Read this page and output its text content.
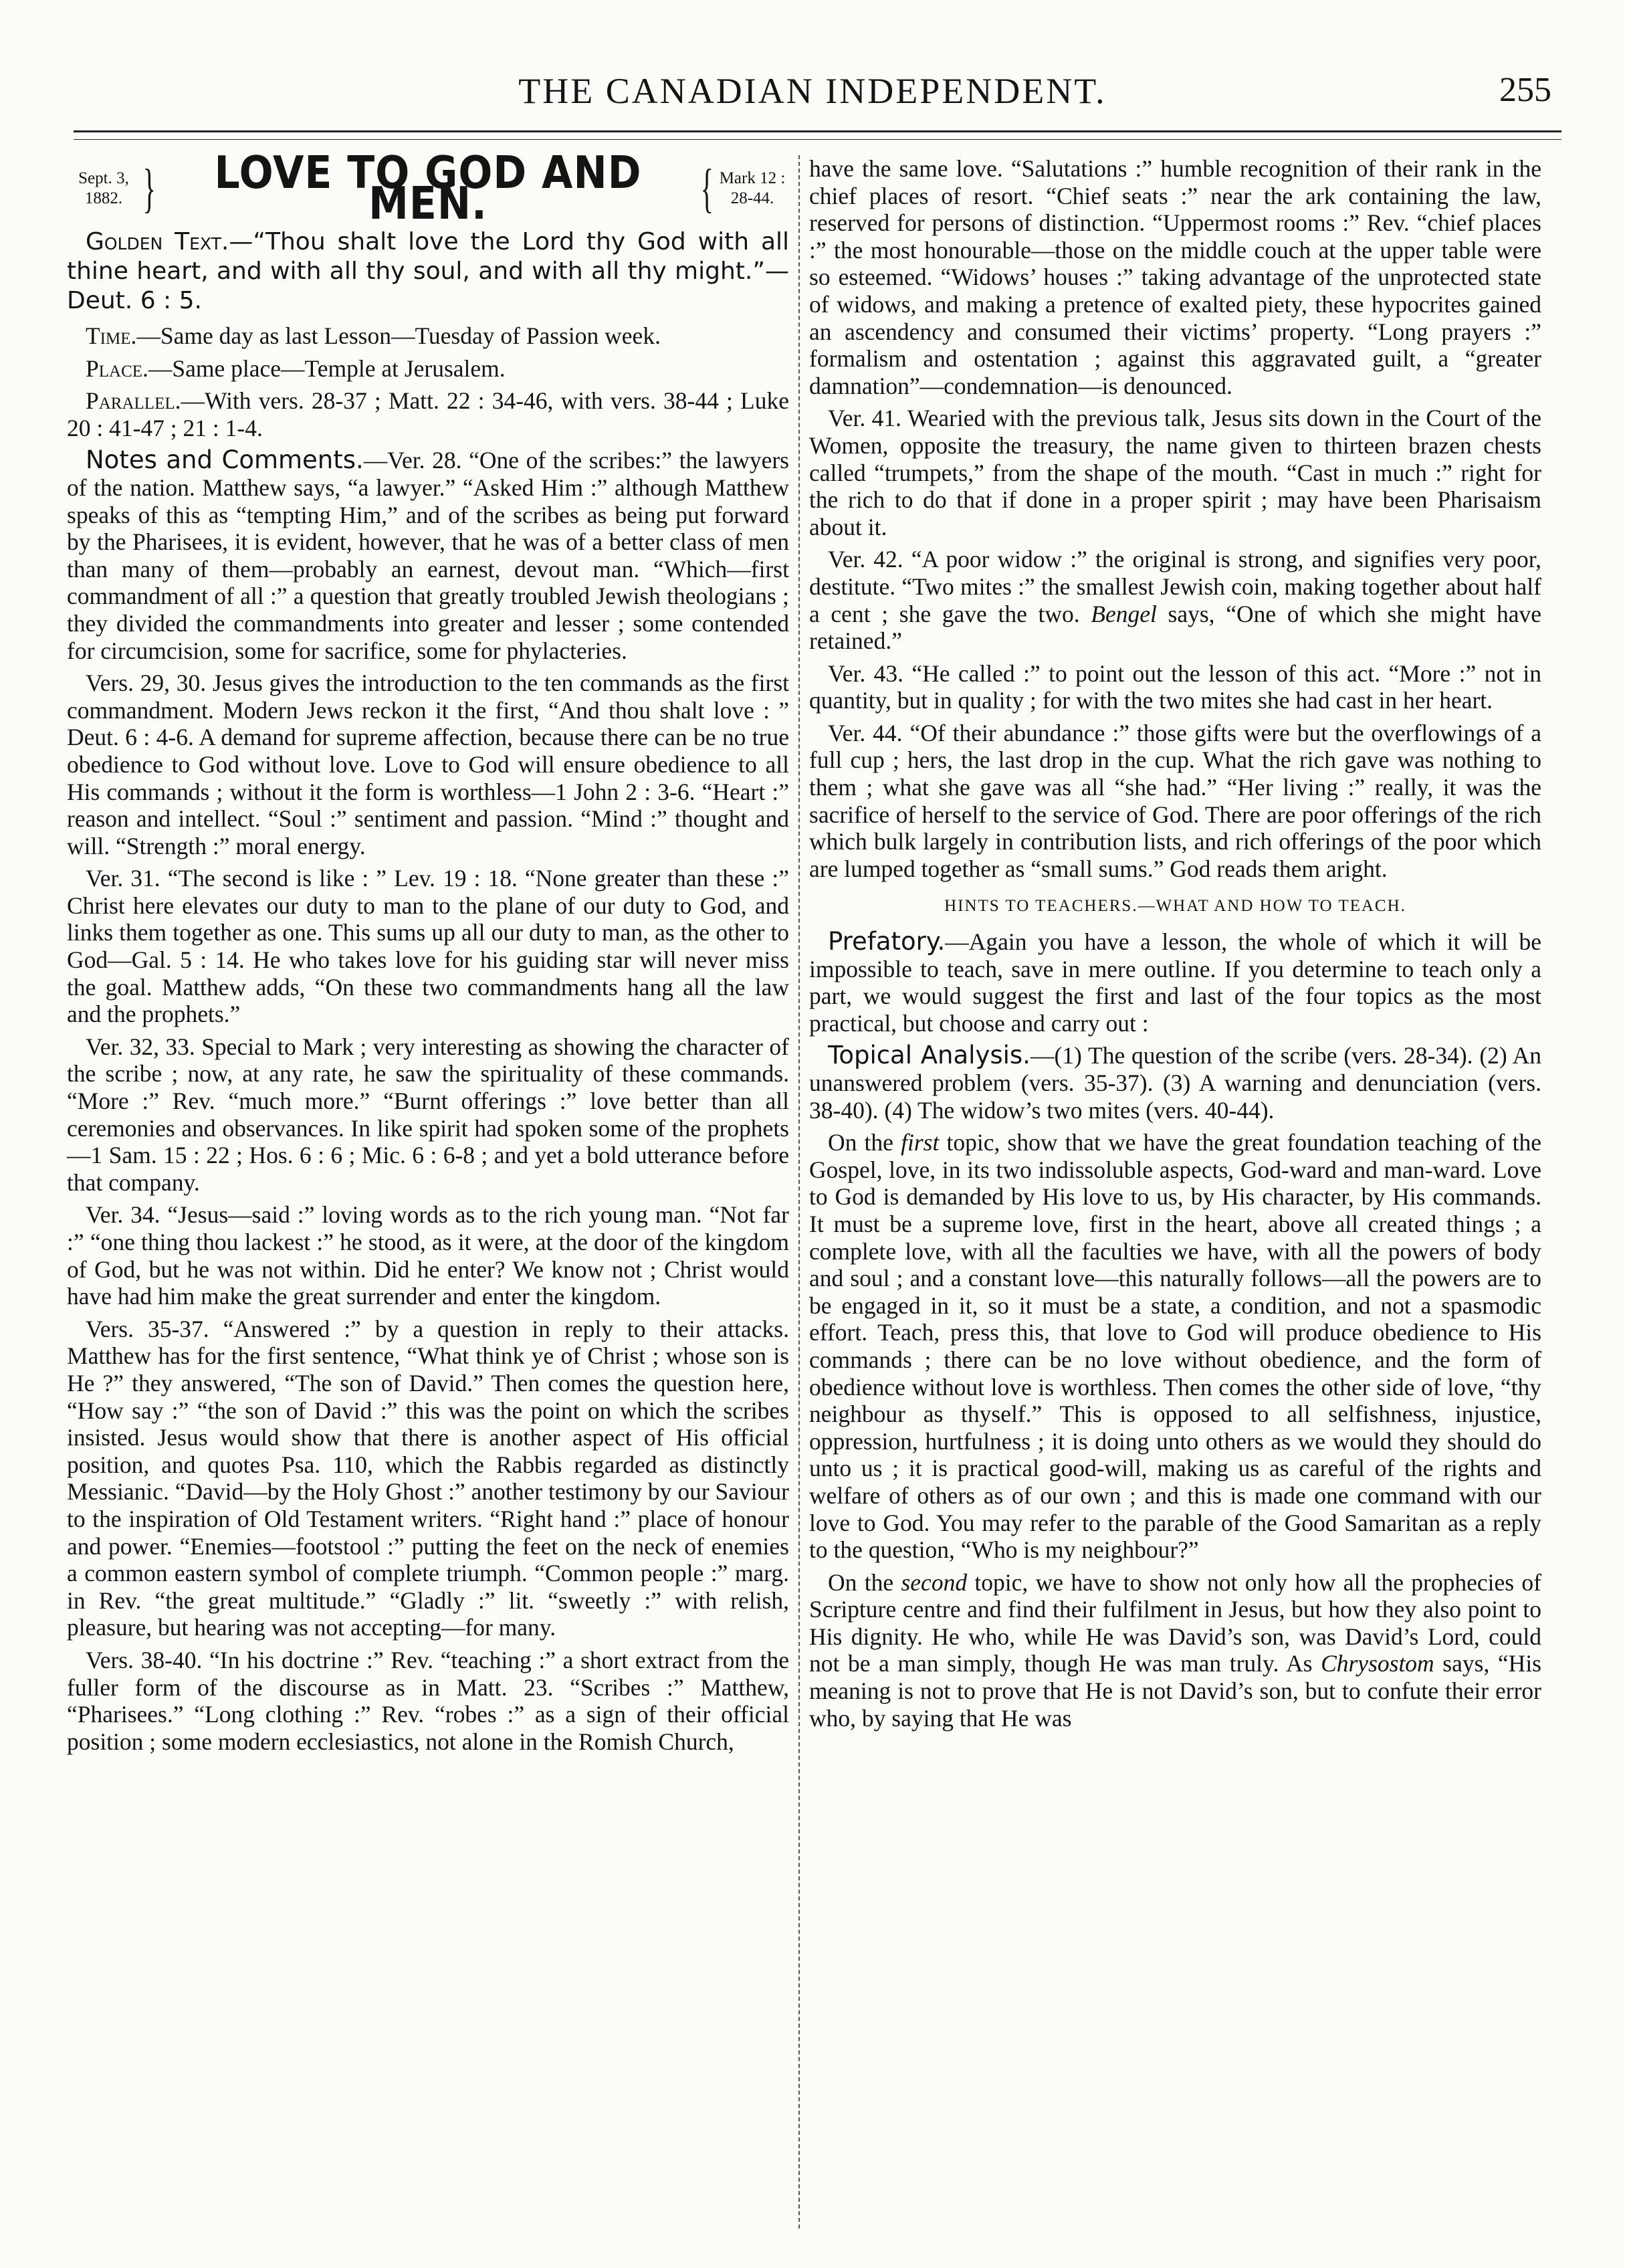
THE CANADIAN INDEPENDENT.	255
Sept. 3,
1882. }	LOVE TO GOD AND MEN.	{ Mark 12 :
28-44.

Golden Text.—“Thou shalt love the Lord thy God with all thine heart, and with all thy soul, and with all thy might.”—Deut. 6 : 5.

Time.—Same day as last Lesson—Tuesday of Passion week.

Place.—Same place—Temple at Jerusalem.

Parallel.—With vers. 28-37 ; Matt. 22 : 34-46, with vers. 38-44 ; Luke 20 : 41-47 ; 21 : 1-4.

Notes and Comments.—Ver. 28. “One of the scribes:” the lawyers of the nation. Matthew says, “a lawyer.” “Asked Him :” although Matthew speaks of this as “tempting Him,” and of the scribes as being put forward by the Pharisees, it is evident, however, that he was of a better class of men than many of them—probably an earnest, devout man. “Which—first commandment of all :” a question that greatly troubled Jewish theologians ; they divided the commandments into greater and lesser ; some contended for circumcision, some for sacrifice, some for phylacteries.

Vers. 29, 30. Jesus gives the introduction to the ten commands as the first commandment. Modern Jews reckon it the first, “And thou shalt love : ” Deut. 6 : 4-6. A demand for supreme affection, because there can be no true obedience to God without love. Love to God will ensure obedience to all His commands ; without it the form is worthless—1 John 2 : 3-6. “Heart :” reason and intellect. “Soul :” sentiment and passion. “Mind :” thought and will. “Strength :” moral energy.

Ver. 31. “The second is like : ” Lev. 19 : 18. “None greater than these :” Christ here elevates our duty to man to the plane of our duty to God, and links them together as one. This sums up all our duty to man, as the other to God—Gal. 5 : 14. He who takes love for his guiding star will never miss the goal. Matthew adds, “On these two commandments hang all the law and the prophets.”

Ver. 32, 33. Special to Mark ; very interesting as showing the character of the scribe ; now, at any rate, he saw the spirituality of these commands. “More :” Rev. “much more.” “Burnt offerings :” love better than all ceremonies and observances. In like spirit had spoken some of the prophets—1 Sam. 15 : 22 ; Hos. 6 : 6 ; Mic. 6 : 6-8 ; and yet a bold utterance before that company.

Ver. 34. “Jesus—said :” loving words as to the rich young man. “Not far :” “one thing thou lackest :” he stood, as it were, at the door of the kingdom of God, but he was not within. Did he enter? We know not ; Christ would have had him make the great surrender and enter the kingdom.

Vers. 35-37. “Answered :” by a question in reply to their attacks. Matthew has for the first sentence, “What think ye of Christ ; whose son is He ?” they answered, “The son of David.” Then comes the question here, “How say :” “the son of David :” this was the point on which the scribes insisted. Jesus would show that there is another aspect of His official position, and quotes Psa. 110, which the Rabbis regarded as distinctly Messianic. “David—by the Holy Ghost :” another testimony by our Saviour to the inspiration of Old Testament writers. “Right hand :” place of honour and power. “Enemies—footstool :” putting the feet on the neck of enemies a common eastern symbol of complete triumph. “Common people :” marg. in Rev. “the great multitude.” “Gladly :” lit. “sweetly :” with relish, pleasure, but hearing was not accepting—for many.

Vers. 38-40. “In his doctrine :” Rev. “teaching :” a short extract from the fuller form of the discourse as in Matt. 23. “Scribes :” Matthew, “Pharisees.” “Long clothing :” Rev. “robes :” as a sign of their official position ; some modern ecclesiastics, not alone in the Romish Church,

have the same love. “Salutations :” humble recognition of their rank in the chief places of resort. “Chief seats :” near the ark containing the law, reserved for persons of distinction. “Uppermost rooms :” Rev. “chief places :” the most honourable—those on the middle couch at the upper table were so esteemed. “Widows’ houses :” taking advantage of the unprotected state of widows, and making a pretence of exalted piety, these hypocrites gained an ascendency and consumed their victims’ property. “Long prayers :” formalism and ostentation ; against this aggravated guilt, a “greater damnation”—condemnation—is denounced.

Ver. 41. Wearied with the previous talk, Jesus sits down in the Court of the Women, opposite the treasury, the name given to thirteen brazen chests called “trumpets,” from the shape of the mouth. “Cast in much :” right for the rich to do that if done in a proper spirit ; may have been Pharisaism about it.

Ver. 42. “A poor widow :” the original is strong, and signifies very poor, destitute. “Two mites :” the smallest Jewish coin, making together about half a cent ; she gave the two. Bengel says, “One of which she might have retained.”

Ver. 43. “He called :” to point out the lesson of this act. “More :” not in quantity, but in quality ; for with the two mites she had cast in her heart.

Ver. 44. “Of their abundance :” those gifts were but the overflowings of a full cup ; hers, the last drop in the cup. What the rich gave was nothing to them ; what she gave was all “she had.” “Her living :” really, it was the sacrifice of herself to the service of God. There are poor offerings of the rich which bulk largely in contribution lists, and rich offerings of the poor which are lumped together as “small sums.” God reads them aright.

HINTS TO TEACHERS.—WHAT AND HOW TO TEACH.

Prefatory.—Again you have a lesson, the whole of which it will be impossible to teach, save in mere outline. If you determine to teach only a part, we would suggest the first and last of the four topics as the most practical, but choose and carry out :

Topical Analysis.—(1) The question of the scribe (vers. 28-34). (2) An unanswered problem (vers. 35-37). (3) A warning and denunciation (vers. 38-40). (4) The widow’s two mites (vers. 40-44).

On the first topic, show that we have the great foundation teaching of the Gospel, love, in its two indissoluble aspects, God-ward and man-ward. Love to God is demanded by His love to us, by His character, by His commands. It must be a supreme love, first in the heart, above all created things ; a complete love, with all the faculties we have, with all the powers of body and soul ; and a constant love—this naturally follows—all the powers are to be engaged in it, so it must be a state, a condition, and not a spasmodic effort. Teach, press this, that love to God will produce obedience to His commands ; there can be no love without obedience, and the form of obedience without love is worthless. Then comes the other side of love, “thy neighbour as thyself.” This is opposed to all selfishness, injustice, oppression, hurtfulness ; it is doing unto others as we would they should do unto us ; it is practical good-will, making us as careful of the rights and welfare of others as of our own ; and this is made one command with our love to God. You may refer to the parable of the Good Samaritan as a reply to the question, “Who is my neighbour?”

On the second topic, we have to show not only how all the prophecies of Scripture centre and find their fulfilment in Jesus, but how they also point to His dignity. He who, while He was David’s son, was David’s Lord, could not be a man simply, though He was man truly. As Chrysostom says, “His meaning is not to prove that He is not David’s son, but to confute their error who, by saying that He was
